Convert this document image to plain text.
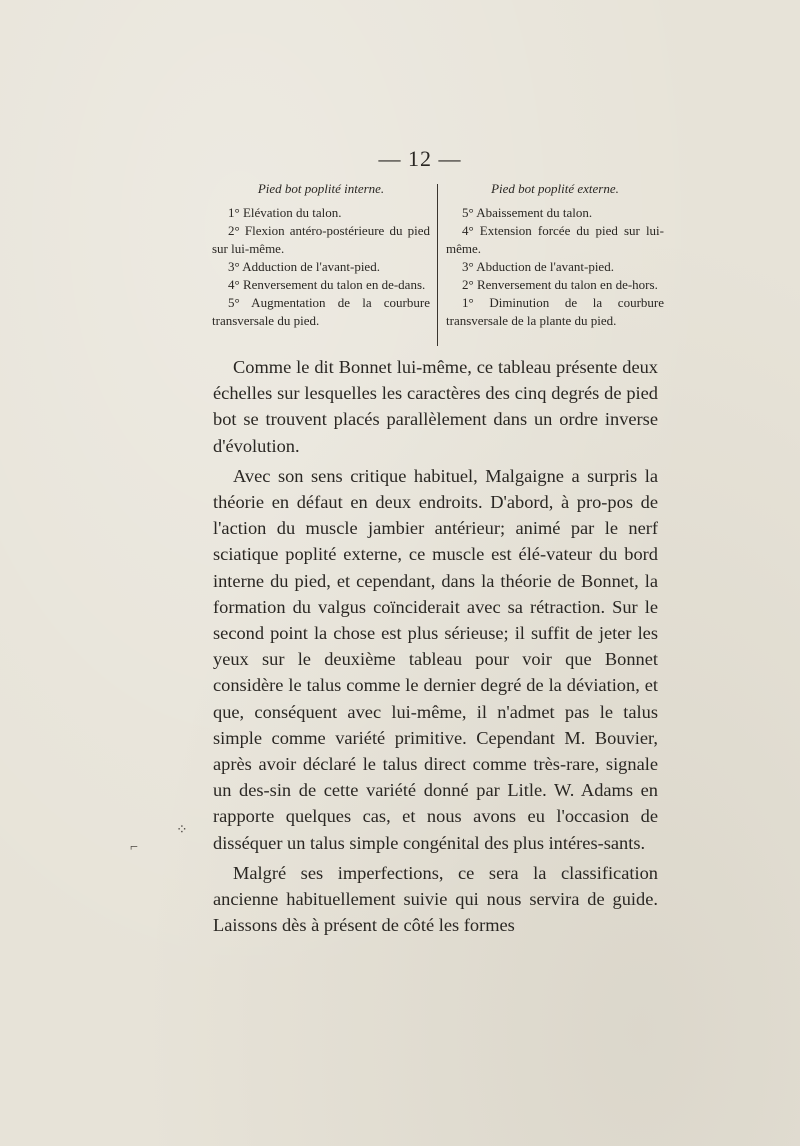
— 12 —
Pied bot poplité interne.

1° Elévation du talon.

2° Flexion antéro-postérieure du pied sur lui-même.

3° Adduction de l'avant-pied.

4° Renversement du talon en de-dans.

5° Augmentation de la courbure transversale du pied.

Pied bot poplité externe.

5° Abaissement du talon.

4° Extension forcée du pied sur lui-même.

3° Abduction de l'avant-pied.

2° Renversement du talon en de-hors.

1° Diminution de la courbure transversale de la plante du pied.

Comme le dit Bonnet lui-même, ce tableau présente deux échelles sur lesquelles les caractères des cinq degrés de pied bot se trouvent placés parallèlement dans un ordre inverse d'évolution.

Avec son sens critique habituel, Malgaigne a surpris la théorie en défaut en deux endroits. D'abord, à pro-pos de l'action du muscle jambier antérieur; animé par le nerf sciatique poplité externe, ce muscle est élé-vateur du bord interne du pied, et cependant, dans la théorie de Bonnet, la formation du valgus coïnciderait avec sa rétraction. Sur le second point la chose est plus sérieuse; il suffit de jeter les yeux sur le deuxième tableau pour voir que Bonnet considère le talus comme le dernier degré de la déviation, et que, conséquent avec lui-même, il n'admet pas le talus simple comme variété primitive. Cependant M. Bouvier, après avoir déclaré le talus direct comme très-rare, signale un des-sin de cette variété donné par Litle. W. Adams en rapporte quelques cas, et nous avons eu l'occasion de disséquer un talus simple congénital des plus intéres-sants.

Malgré ses imperfections, ce sera la classification ancienne habituellement suivie qui nous servira de guide. Laissons dès à présent de côté les formes

⁘
⌐
